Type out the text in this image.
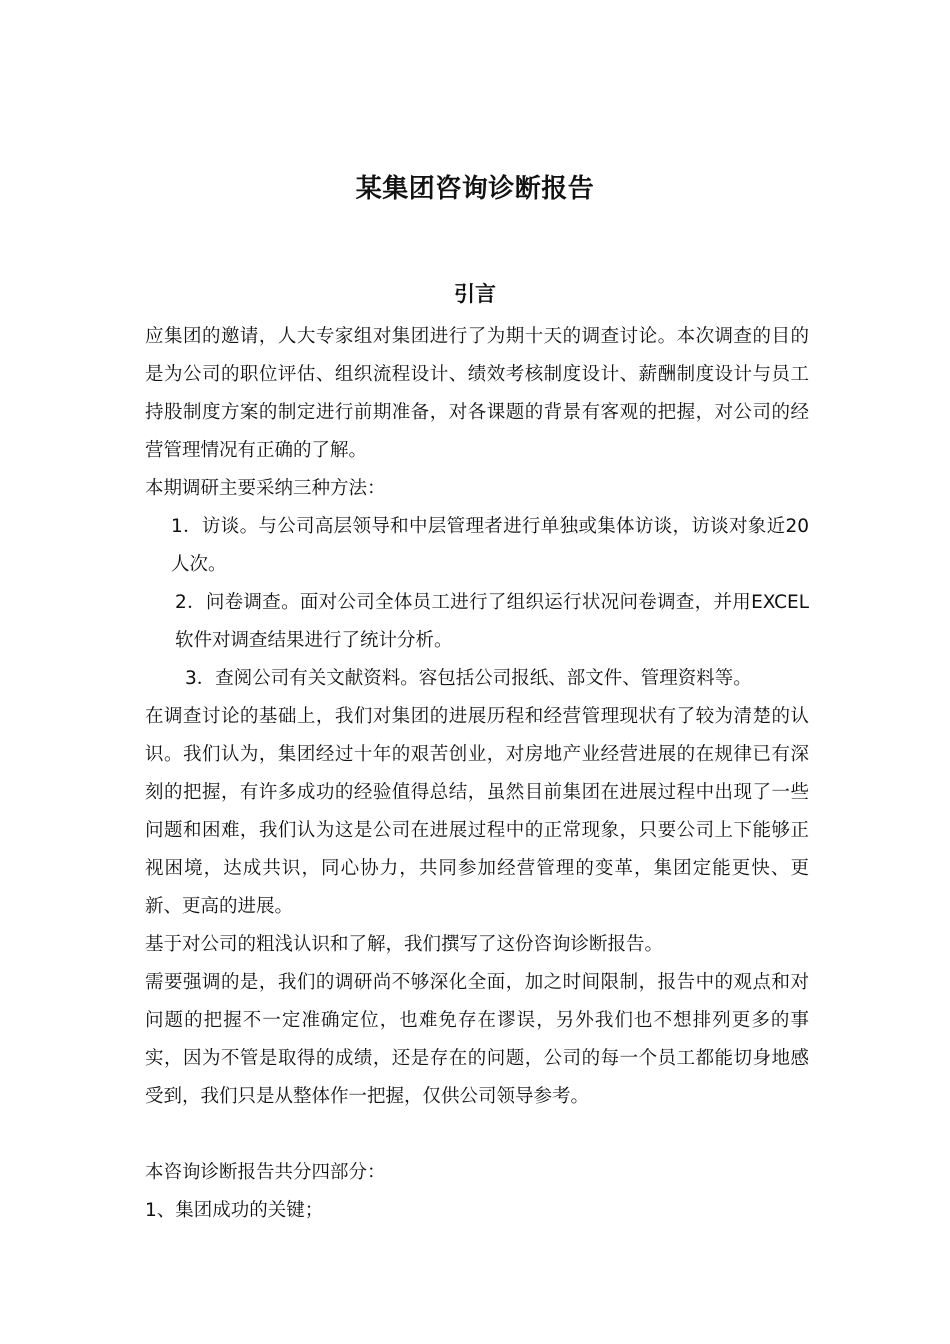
某集团咨询诊断报告
引言

应集团的邀请，人大专家组对集团进行了为期十天的调查讨论。本次调查的目的是为公司的职位评估、组织流程设计、绩效考核制度设计、薪酬制度设计与员工持股制度方案的制定进行前期准备，对各课题的背景有客观的把握，对公司的经营管理情况有正确的了解。

本期调研主要采纳三种方法：

1．访谈。与公司高层领导和中层管理者进行单独或集体访谈，访谈对象近20 人次。

2．问卷调查。面对公司全体员工进行了组织运行状况问卷调查，并用EXCEL 软件对调查结果进行了统计分析。

3．查阅公司有关文献资料。容包括公司报纸、部文件、管理资料等。

在调查讨论的基础上，我们对集团的进展历程和经营管理现状有了较为清楚的认识。我们认为，集团经过十年的艰苦创业，对房地产业经营进展的在规律已有深刻的把握，有许多成功的经验值得总结，虽然目前集团在进展过程中出现了一些问题和困难，我们认为这是公司在进展过程中的正常现象，只要公司上下能够正视困境，达成共识，同心协力，共同参加经营管理的变革，集团定能更快、更新、更高的进展。

基于对公司的粗浅认识和了解，我们撰写了这份咨询诊断报告。

需要强调的是，我们的调研尚不够深化全面，加之时间限制，报告中的观点和对问题的把握不一定准确定位，也难免存在谬误，另外我们也不想排列更多的事实，因为不管是取得的成绩，还是存在的问题，公司的每一个员工都能切身地感受到，我们只是从整体作一把握，仅供公司领导参考。

本咨询诊断报告共分四部分：

1、集团成功的关键；
